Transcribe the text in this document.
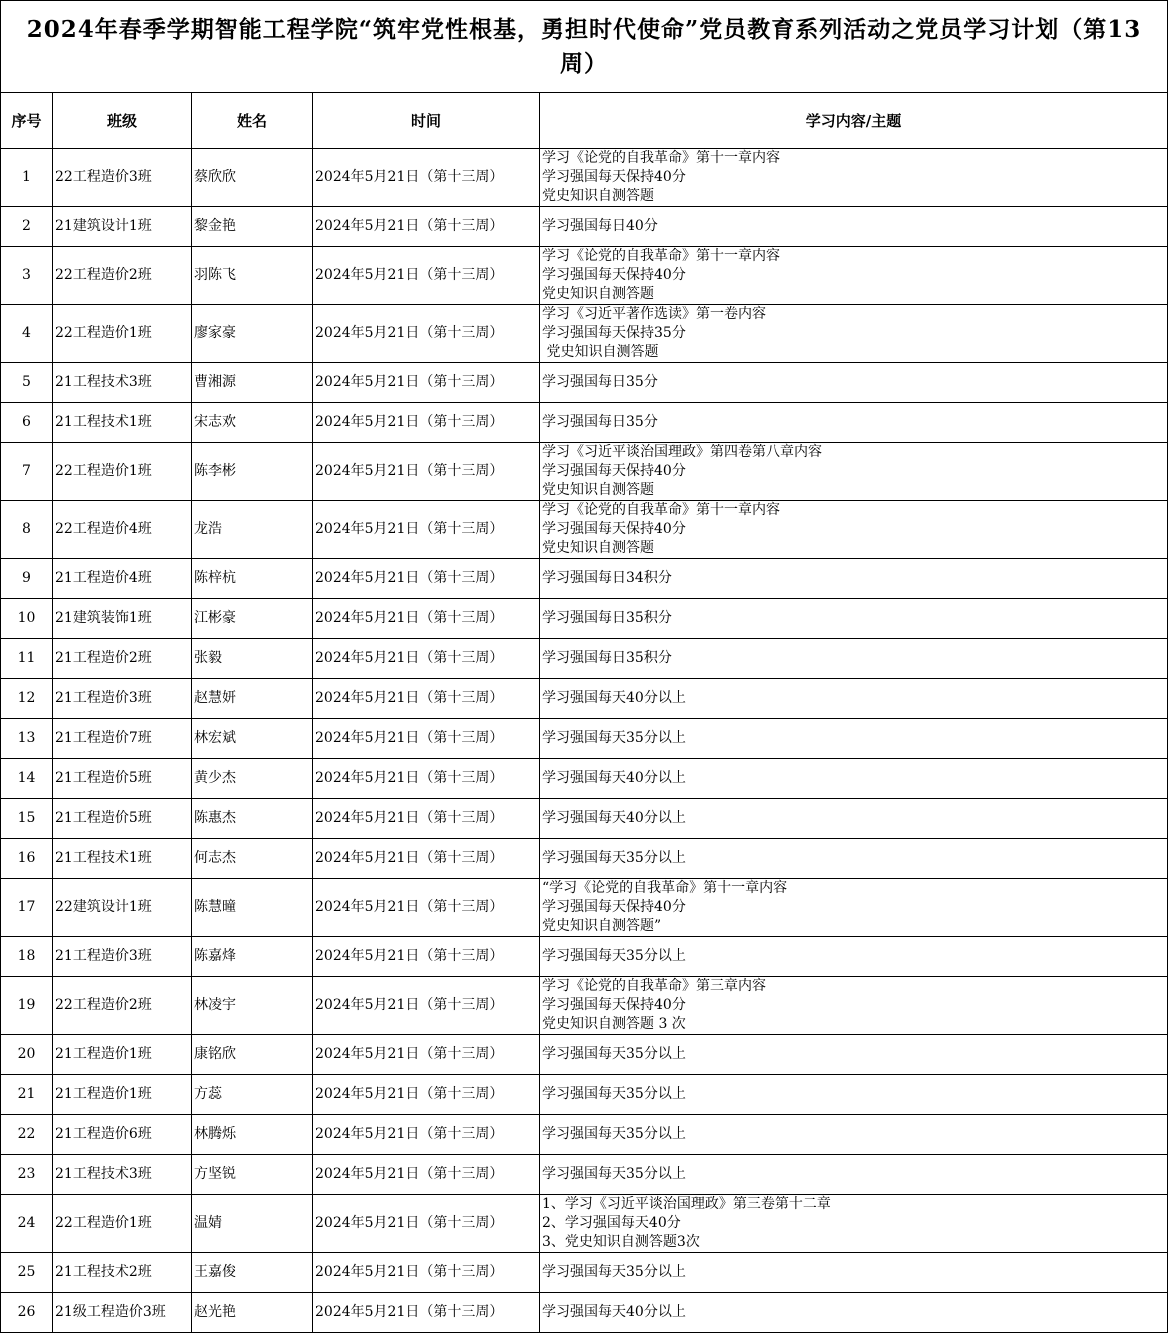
2024年春季学期智能工程学院“筑牢党性根基，勇担时代使命”党员教育系列活动之党员学习计划（第13周）				
序号	班级	姓名	时间	学习内容/主题
1	22工程造价3班	蔡欣欣	2024年5月21日（第十三周）	学习《论党的自我革命》第十一章内容
学习强国每天保持40分
党史知识自测答题
2	21建筑设计1班	黎金艳	2024年5月21日（第十三周）	学习强国每日40分
3	22工程造价2班	羽陈飞	2024年5月21日（第十三周）	学习《论党的自我革命》第十一章内容
学习强国每天保持40分
党史知识自测答题
4	22工程造价1班	廖家豪	2024年5月21日（第十三周）	学习《习近平著作选读》第一卷内容
学习强国每天保持35分
党史知识自测答题
5	21工程技术3班	曹湘源	2024年5月21日（第十三周）	学习强国每日35分
6	21工程技术1班	宋志欢	2024年5月21日（第十三周）	学习强国每日35分
7	22工程造价1班	陈李彬	2024年5月21日（第十三周）	学习《习近平谈治国理政》第四卷第八章内容
学习强国每天保持40分
党史知识自测答题
8	22工程造价4班	龙浩	2024年5月21日（第十三周）	学习《论党的自我革命》第十一章内容
学习强国每天保持40分
党史知识自测答题
9	21工程造价4班	陈梓杭	2024年5月21日（第十三周）	学习强国每日34积分
10	21建筑装饰1班	江彬豪	2024年5月21日（第十三周）	学习强国每日35积分
11	21工程造价2班	张毅	2024年5月21日（第十三周）	学习强国每日35积分
12	21工程造价3班	赵慧妍	2024年5月21日（第十三周）	学习强国每天40分以上
13	21工程造价7班	林宏斌	2024年5月21日（第十三周）	学习强国每天35分以上
14	21工程造价5班	黄少杰	2024年5月21日（第十三周）	学习强国每天40分以上
15	21工程造价5班	陈惠杰	2024年5月21日（第十三周）	学习强国每天40分以上
16	21工程技术1班	何志杰	2024年5月21日（第十三周）	学习强国每天35分以上
17	22建筑设计1班	陈慧曈	2024年5月21日（第十三周）	“学习《论党的自我革命》第十一章内容
学习强国每天保持40分
党史知识自测答题”
18	21工程造价3班	陈嘉烽	2024年5月21日（第十三周）	学习强国每天35分以上
19	22工程造价2班	林凌宇	2024年5月21日（第十三周）	学习《论党的自我革命》第三章内容
学习强国每天保持40分
党史知识自测答题 3 次
20	21工程造价1班	康铭欣	2024年5月21日（第十三周）	学习强国每天35分以上
21	21工程造价1班	方蕊	2024年5月21日（第十三周）	学习强国每天35分以上
22	21工程造价6班	林腾烁	2024年5月21日（第十三周）	学习强国每天35分以上
23	21工程技术3班	方坚锐	2024年5月21日（第十三周）	学习强国每天35分以上
24	22工程造价1班	温婧	2024年5月21日（第十三周）	1、学习《习近平谈治国理政》第三卷第十二章
2、学习强国每天40分
3、党史知识自测答题3次
25	21工程技术2班	王嘉俊	2024年5月21日（第十三周）	学习强国每天35分以上
26	21级工程造价3班	赵光艳	2024年5月21日（第十三周）	学习强国每天40分以上
